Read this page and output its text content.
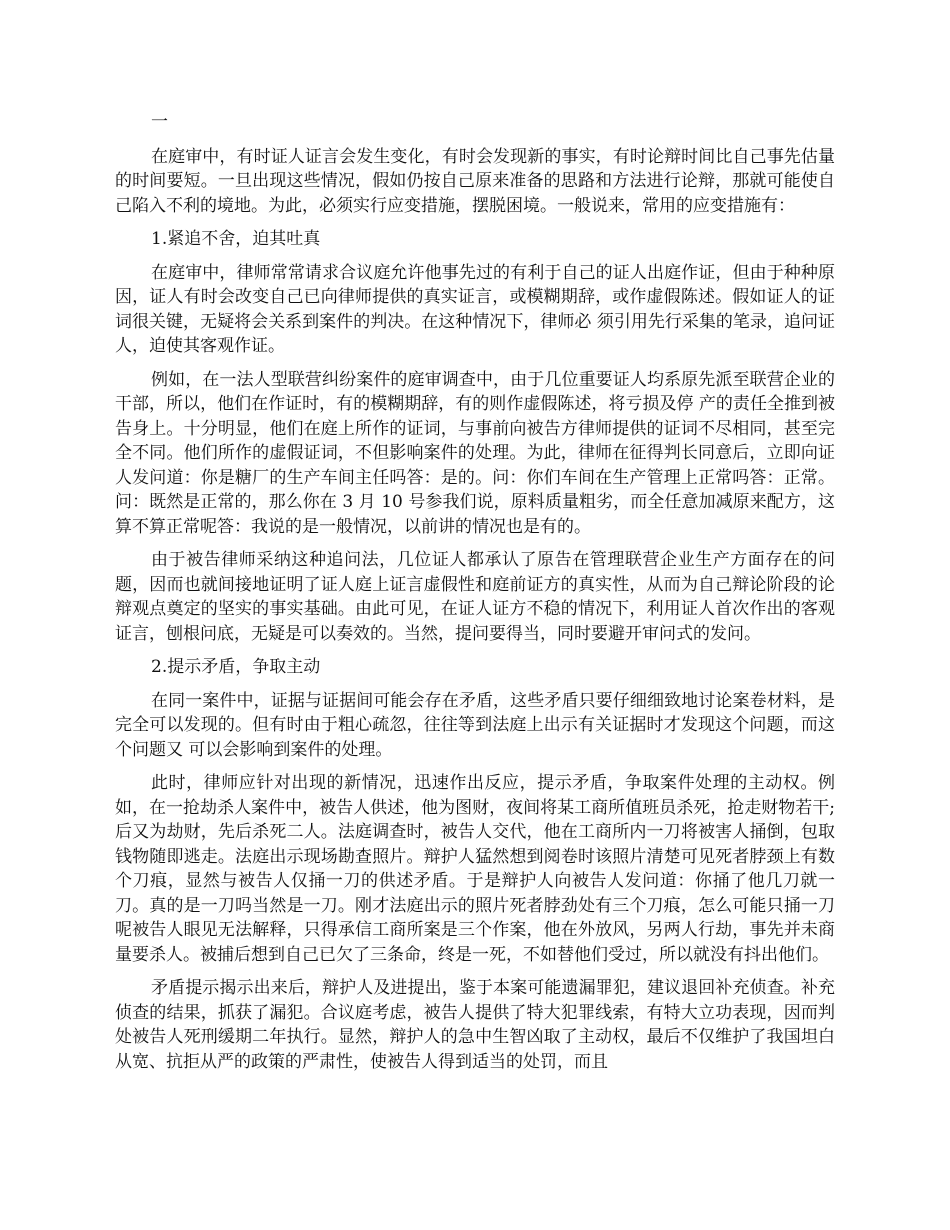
一

在庭审中，有时证人证言会发生变化，有时会发现新的事实，有时论辩时间比自己事先估量的时间要短。一旦出现这些情况，假如仍按自己原来准备的思路和方法进行论辩，那就可能使自己陷入不利的境地。为此，必须实行应变措施，摆脱困境。一般说来，常用的应变措施有：

1.紧追不舍，迫其吐真

在庭审中，律师常常请求合议庭允许他事先过的有利于自己的证人出庭作证，但由于种种原因，证人有时会改变自己已向律师提供的真实证言，或模糊期辞，或作虚假陈述。假如证人的证词很关键，无疑将会关系到案件的判决。在这种情况下，律师必 须引用先行采集的笔录，追问证人，迫使其客观作证。

例如，在一法人型联营纠纷案件的庭审调查中，由于几位重要证人均系原先派至联营企业的干部，所以，他们在作证时，有的模糊期辞，有的则作虚假陈述，将亏损及停 产的责任全推到被告身上。十分明显，他们在庭上所作的证词，与事前向被告方律师提供的证词不尽相同，甚至完全不同。他们所作的虚假证词，不但影响案件的处理。为此，律师在征得判长同意后，立即向证人发问道：你是糖厂的生产车间主任吗答：是的。问：你们车间在生产管理上正常吗答：正常。问：既然是正常的，那么你在 3 月 10 号参我们说，原料质量粗劣，而全任意加减原来配方，这算不算正常呢答：我说的是一般情况，以前讲的情况也是有的。

由于被告律师采纳这种追问法，几位证人都承认了原告在管理联营企业生产方面存在的问题，因而也就间接地证明了证人庭上证言虚假性和庭前证方的真实性，从而为自己辩论阶段的论辩观点奠定的坚实的事实基础。由此可见，在证人证方不稳的情况下，利用证人首次作出的客观证言，刨根问底，无疑是可以奏效的。当然，提问要得当，同时要避开审问式的发问。

2.提示矛盾，争取主动

在同一案件中，证据与证据间可能会存在矛盾，这些矛盾只要仔细细致地讨论案卷材料，是完全可以发现的。但有时由于粗心疏忽，往往等到法庭上出示有关证据时才发现这个问题，而这个问题又 可以会影响到案件的处理。

此时，律师应针对出现的新情况，迅速作出反应，提示矛盾，争取案件处理的主动权。例如，在一抢劫杀人案件中，被告人供述，他为图财，夜间将某工商所值班员杀死，抢走财物若干;后又为劫财，先后杀死二人。法庭调查时，被告人交代，他在工商所内一刀将被害人捅倒，包取钱物随即逃走。法庭出示现场勘查照片。辩护人猛然想到阅卷时该照片清楚可见死者脖颈上有数个刀痕，显然与被告人仅捅一刀的供述矛盾。于是辩护人向被告人发问道：你捅了他几刀就一刀。真的是一刀吗当然是一刀。刚才法庭出示的照片死者脖劲处有三个刀痕，怎么可能只捅一刀呢被告人眼见无法解释，只得承信工商所案是三个作案，他在外放风，另两人行劫，事先并未商量要杀人。被捕后想到自己已欠了三条命，终是一死，不如替他们受过，所以就没有抖出他们。

矛盾提示揭示出来后，辩护人及进提出，鉴于本案可能遗漏罪犯，建议退回补充侦查。补充侦查的结果，抓获了漏犯。合议庭考虑，被告人提供了特大犯罪线索，有特大立功表现，因而判处被告人死刑缓期二年执行。显然，辩护人的急中生智凶取了主动权，最后不仅维护了我国坦白从宽、抗拒从严的政策的严肃性，使被告人得到适当的处罚，而且
